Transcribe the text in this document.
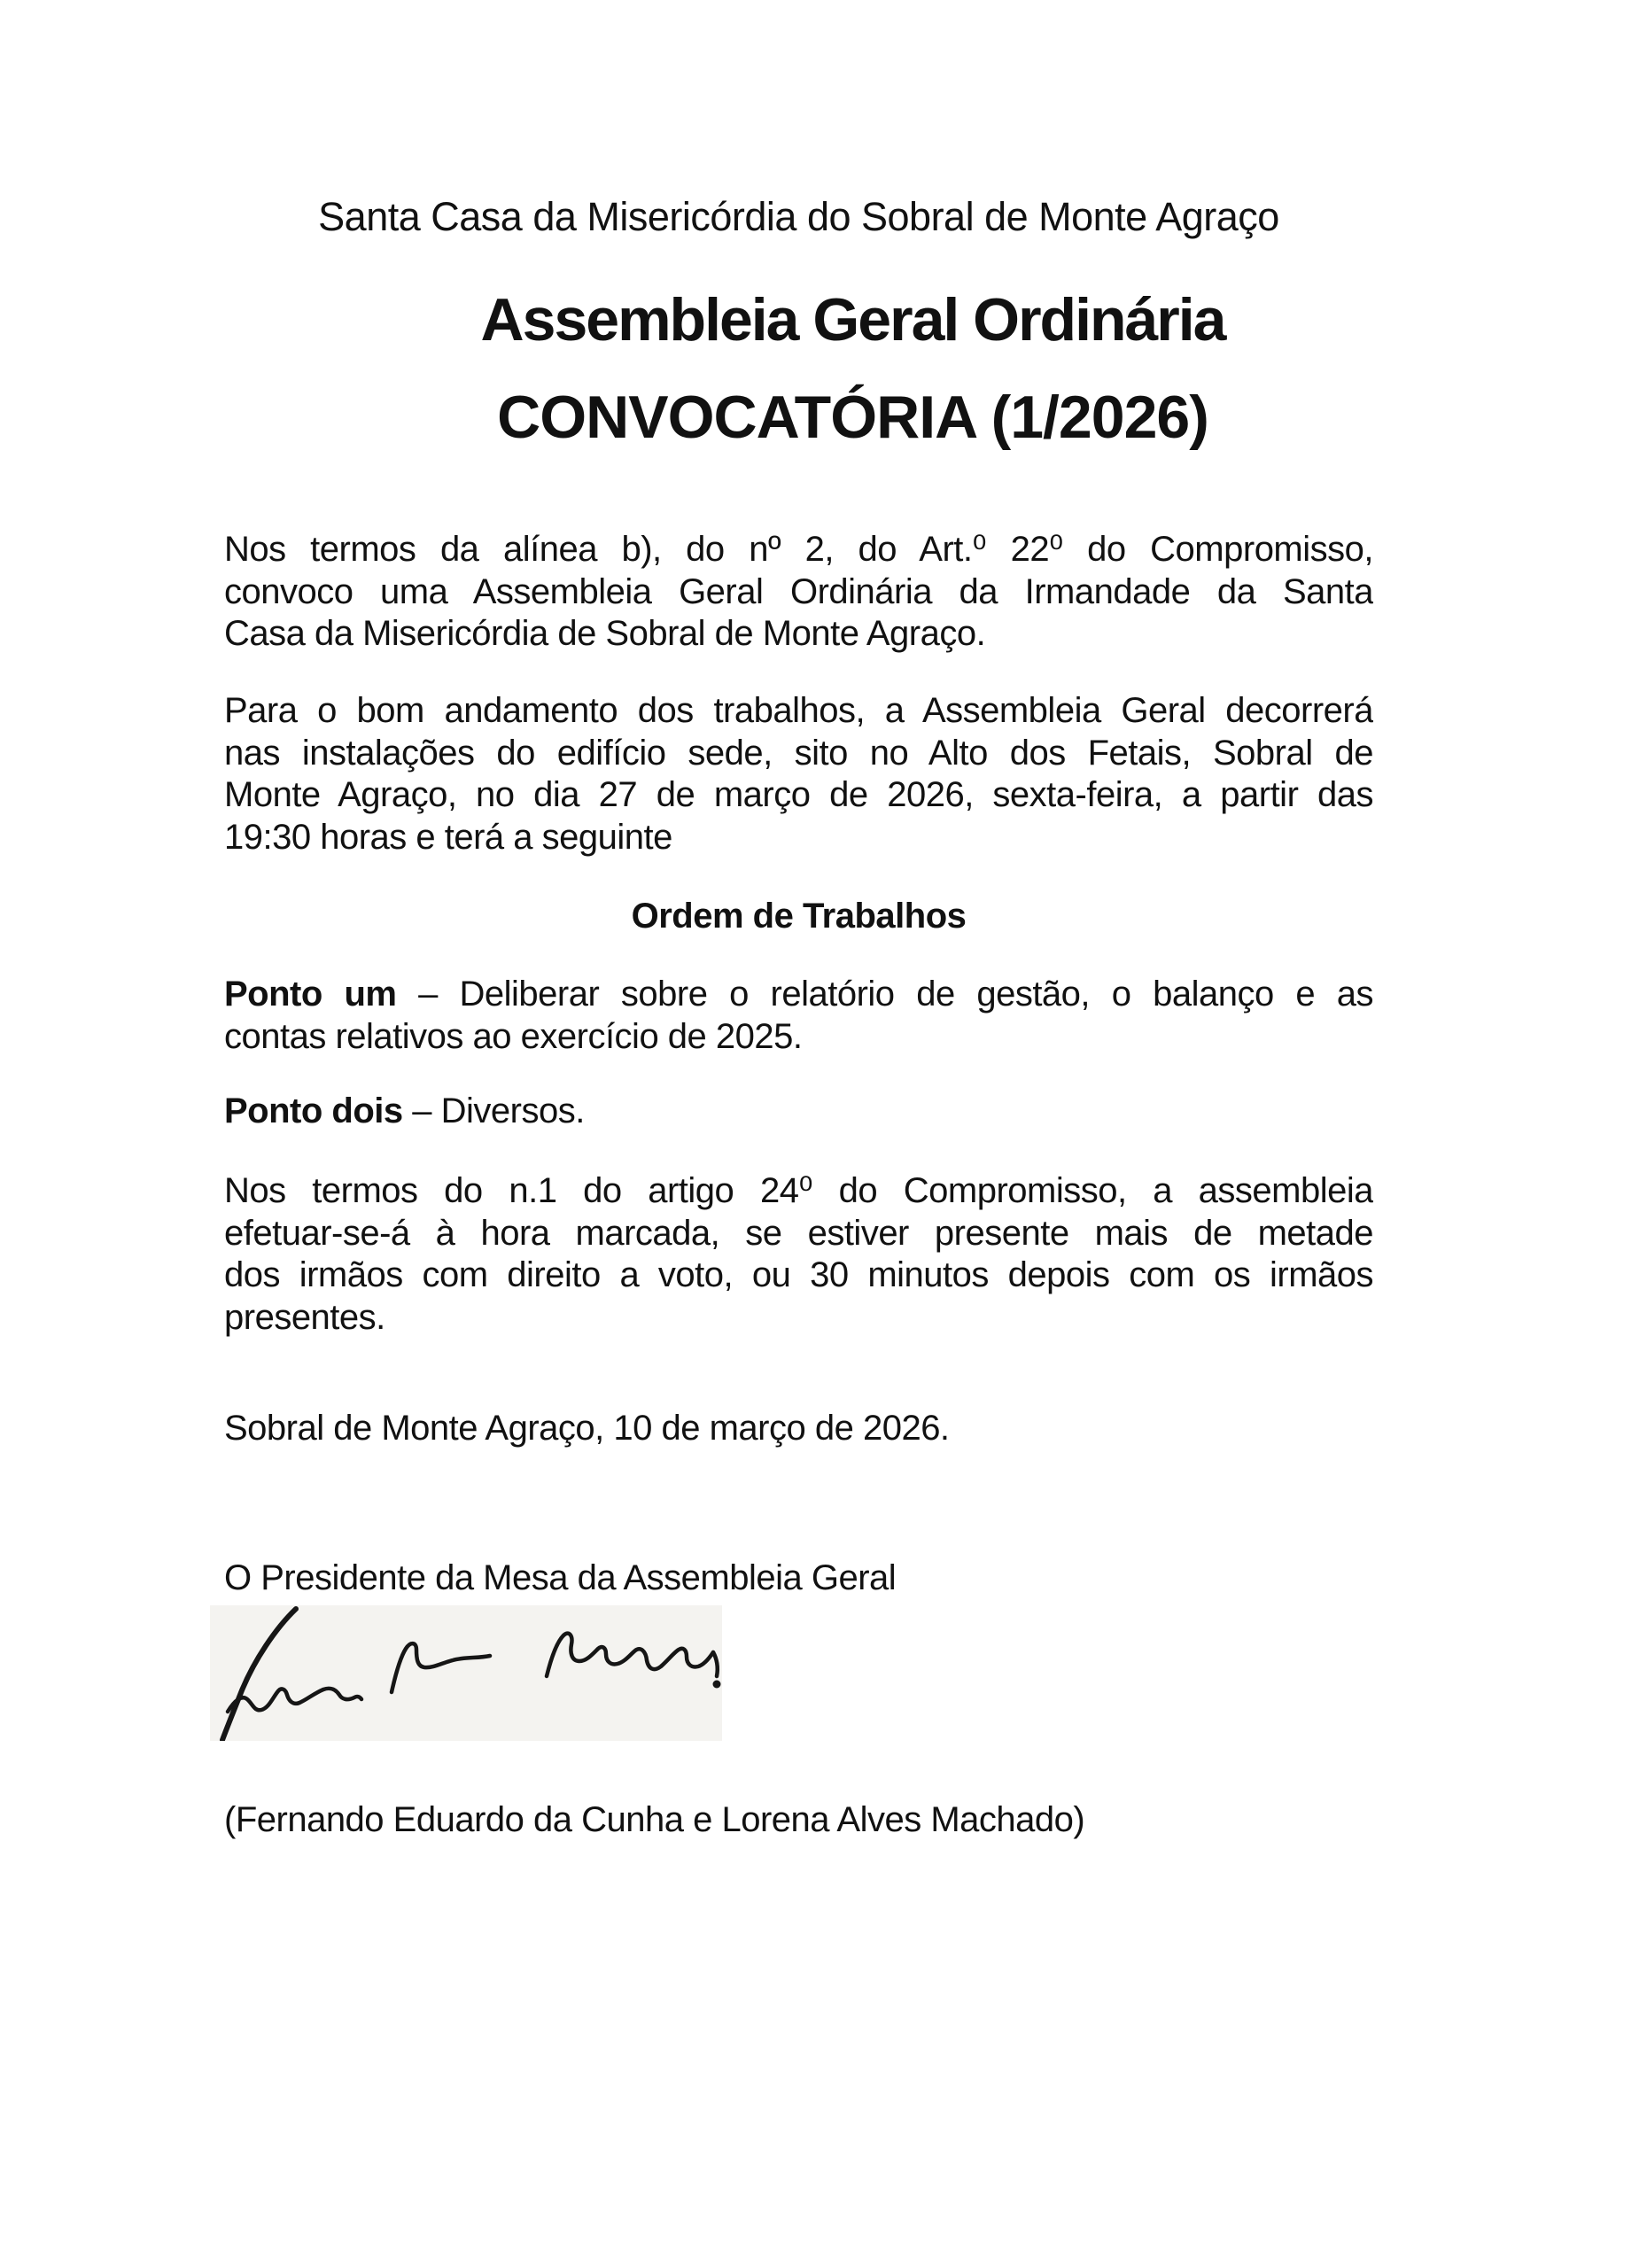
Santa Casa da Misericórdia do Sobral de Monte Agraço
Assembleia Geral Ordinária
CONVOCATÓRIA (1/2026)
Nos termos da alínea b), do nº 2, do Art.⁰ 22⁰ do Compromisso,
convoco uma Assembleia Geral Ordinária da Irmandade da Santa
Casa da Misericórdia de Sobral de Monte Agraço.
Para o bom andamento dos trabalhos, a Assembleia Geral decorrerá
nas instalações do edifício sede, sito no Alto dos Fetais, Sobral de
Monte Agraço, no dia 27 de março de 2026, sexta-feira, a partir das
19:30 horas e terá a seguinte
Ordem de Trabalhos
Ponto um – Deliberar sobre o relatório de gestão, o balanço e as
contas relativos ao exercício de 2025.
Ponto dois – Diversos.
Nos termos do n.1 do artigo 24⁰ do Compromisso, a assembleia
efetuar-se-á à hora marcada, se estiver presente mais de metade
dos irmãos com direito a voto, ou 30 minutos depois com os irmãos
presentes.
Sobral de Monte Agraço, 10 de março de 2026.
O Presidente da Mesa da Assembleia Geral
(Fernando Eduardo da Cunha e Lorena Alves Machado)
